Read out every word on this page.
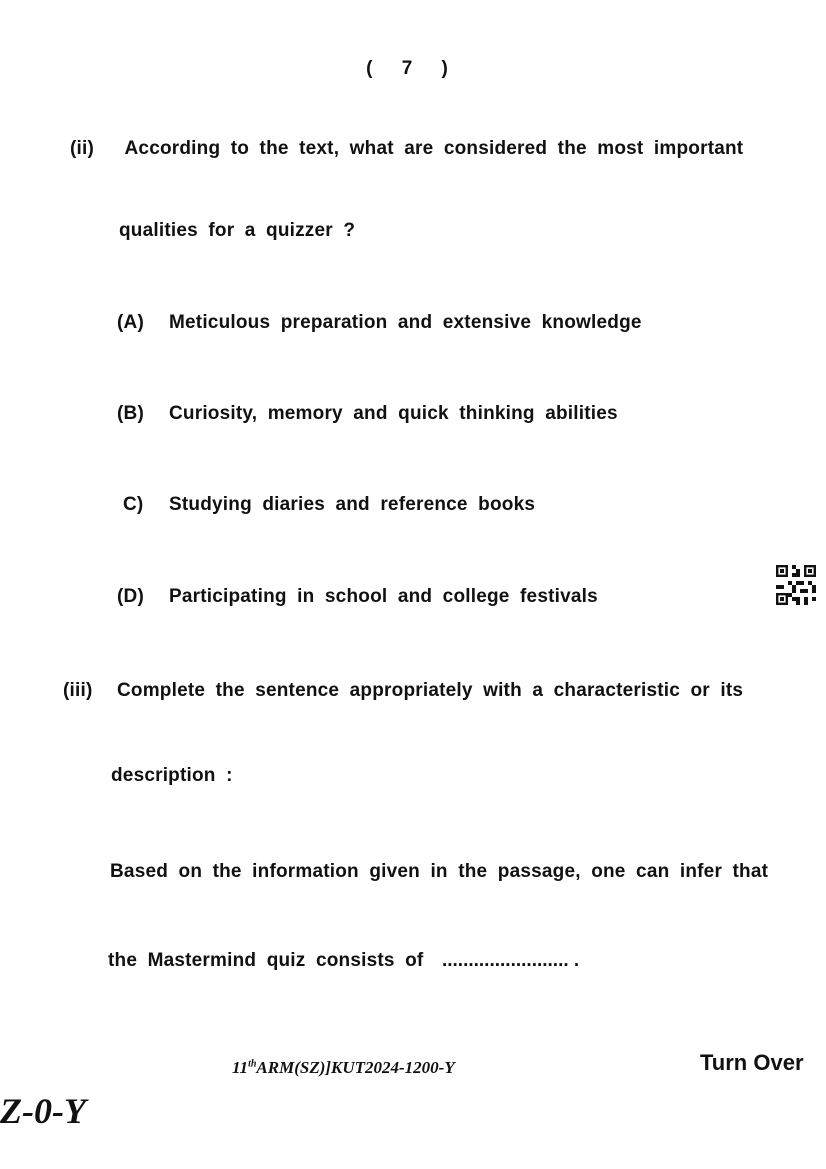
( 7 )
(ii) According to the text, what are considered the most important
qualities for a quizzer ?
(A) Meticulous preparation and extensive knowledge
(B) Curiosity, memory and quick thinking abilities
C) Studying diaries and reference books
(D) Participating in school and college festivals
(iii) Complete the sentence appropriately with a characteristic or its
description :
Based on the information given in the passage, one can infer that
the Mastermind quiz consists of ........................ .
11thARM(SZ)]KUT2024-1200-Y	Turn Over
Z-0-Y
